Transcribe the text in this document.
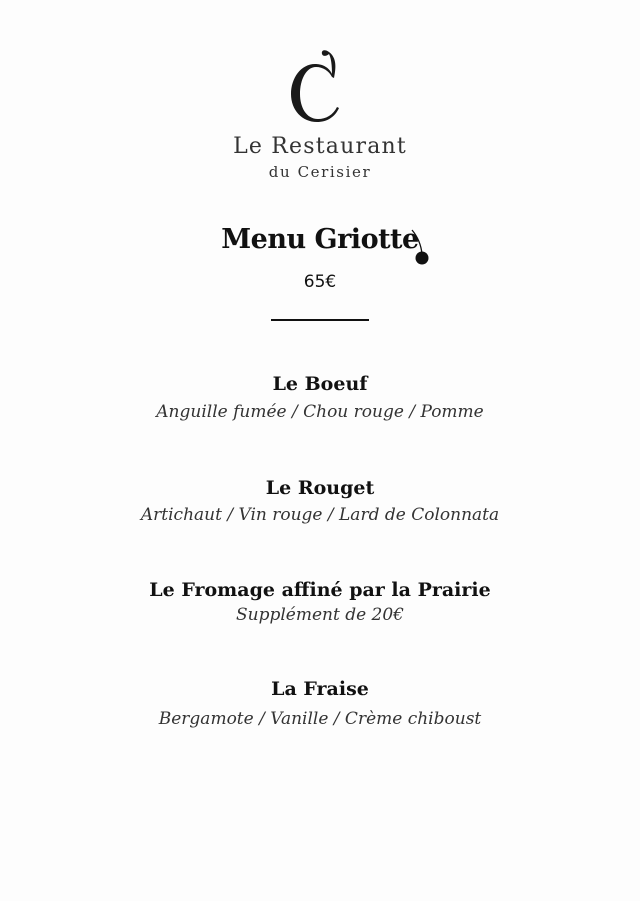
Le Restaurant
du Cerisier
Menu Griotte
65€
Le Boeuf
Anguille fumée / Chou rouge / Pomme
Le Rouget
Artichaut / Vin rouge / Lard de Colonnata
Le Fromage affiné par la Prairie
Supplément de 20€
La Fraise
Bergamote / Vanille / Crème chiboust
